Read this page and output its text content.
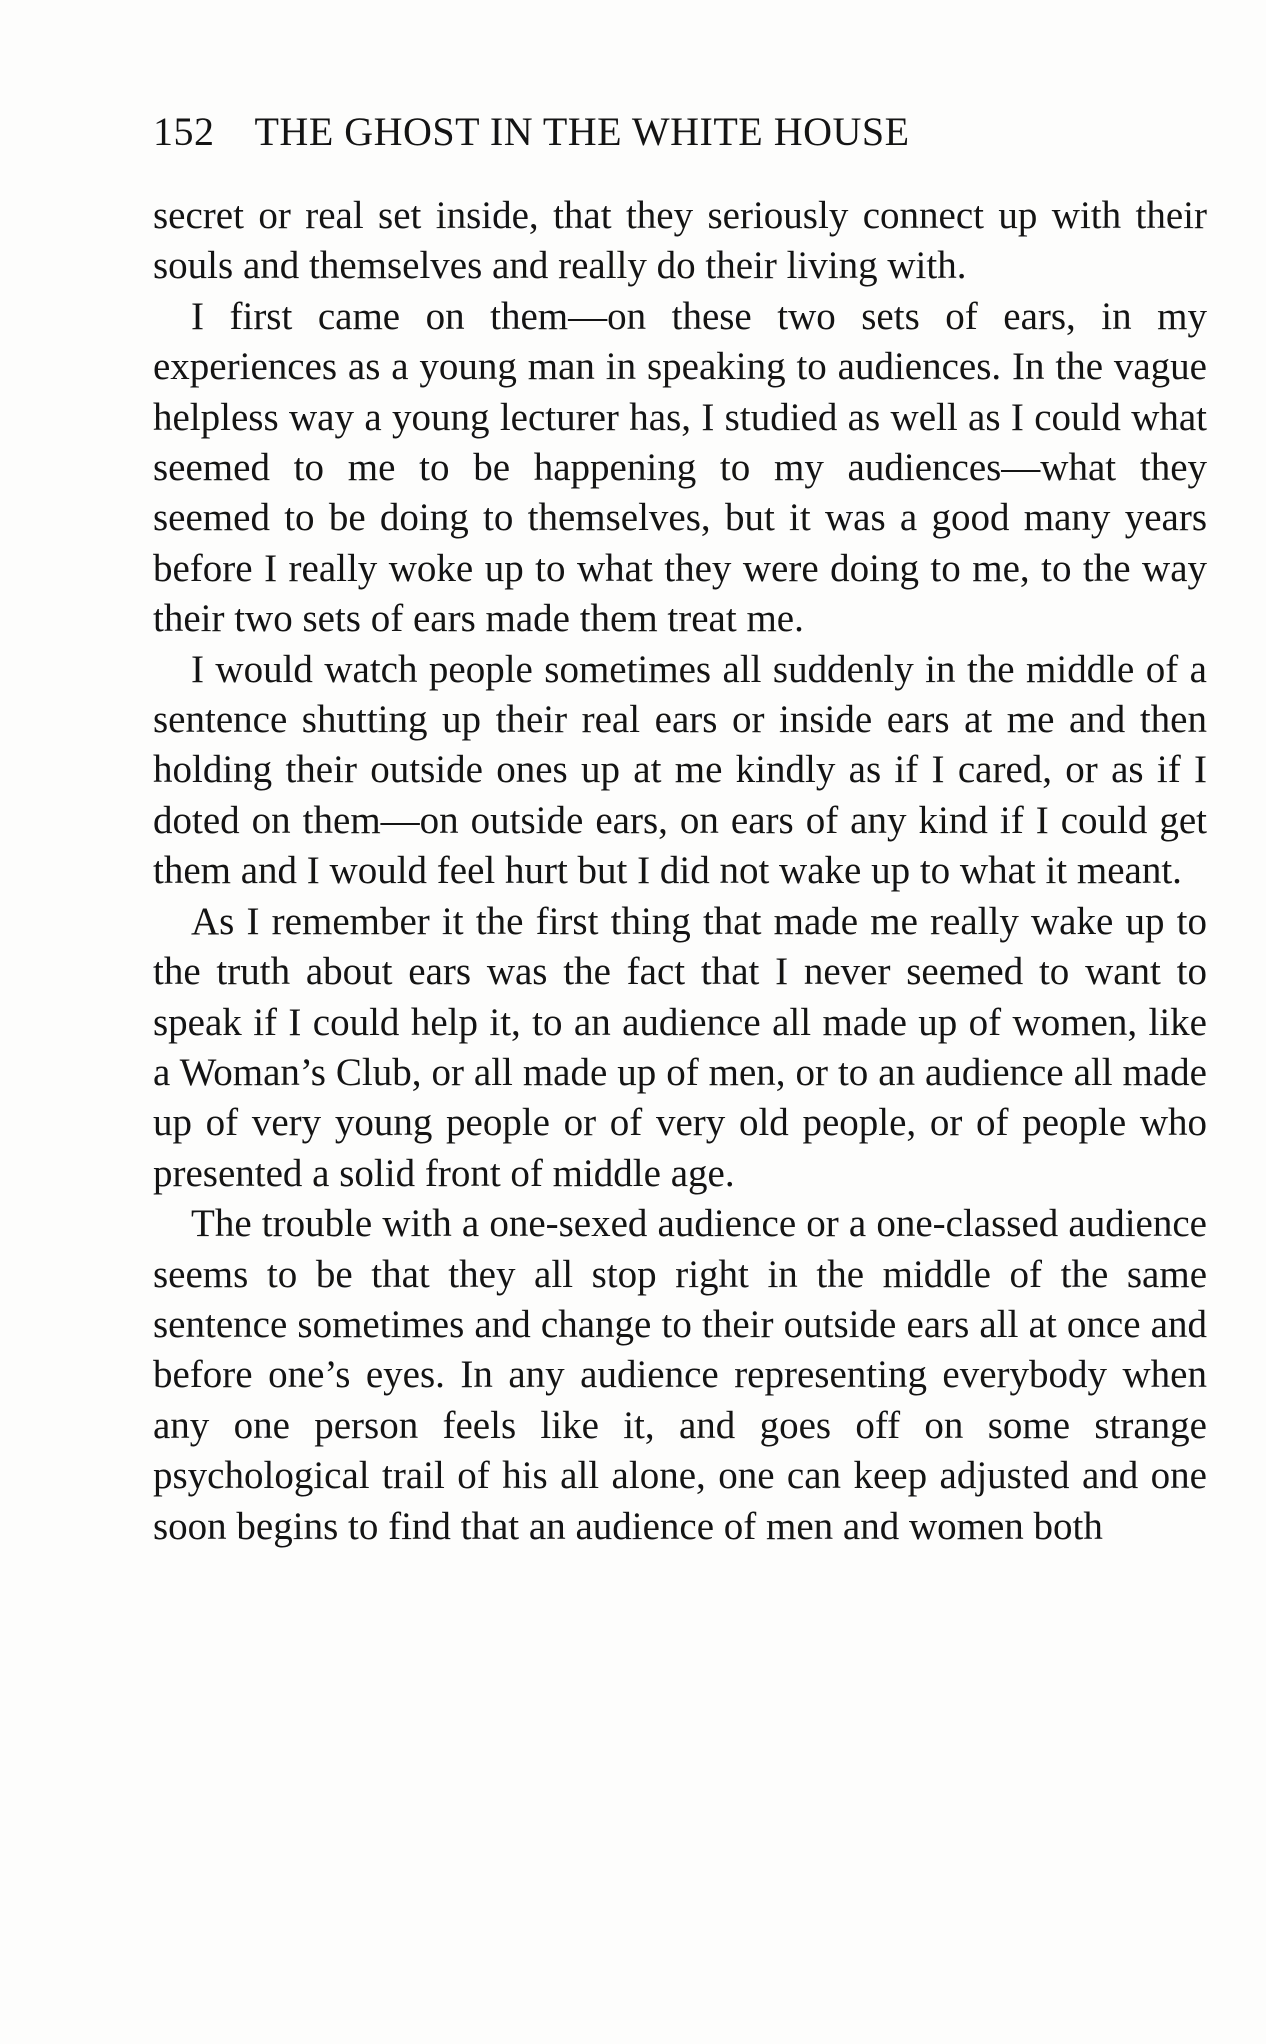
152 THE GHOST IN THE WHITE HOUSE

secret or real set inside, that they seriously connect up with their souls and themselves and really do their living with.

I first came on them—on these two sets of ears, in my experiences as a young man in speaking to audiences. In the vague helpless way a young lecturer has, I studied as well as I could what seemed to me to be happening to my audiences—what they seemed to be doing to themselves, but it was a good many years before I really woke up to what they were doing to me, to the way their two sets of ears made them treat me.

I would watch people sometimes all suddenly in the middle of a sentence shutting up their real ears or inside ears at me and then holding their outside ones up at me kindly as if I cared, or as if I doted on them—on outside ears, on ears of any kind if I could get them and I would feel hurt but I did not wake up to what it meant.

As I remember it the first thing that made me really wake up to the truth about ears was the fact that I never seemed to want to speak if I could help it, to an audience all made up of women, like a Woman’s Club, or all made up of men, or to an audience all made up of very young people or of very old people, or of people who presented a solid front of middle age.

The trouble with a one-sexed audience or a one-classed audience seems to be that they all stop right in the middle of the same sentence sometimes and change to their outside ears all at once and before one’s eyes. In any audience representing everybody when any one person feels like it, and goes off on some strange psychological trail of his all alone, one can keep adjusted and one soon begins to find that an audience of men and women both
